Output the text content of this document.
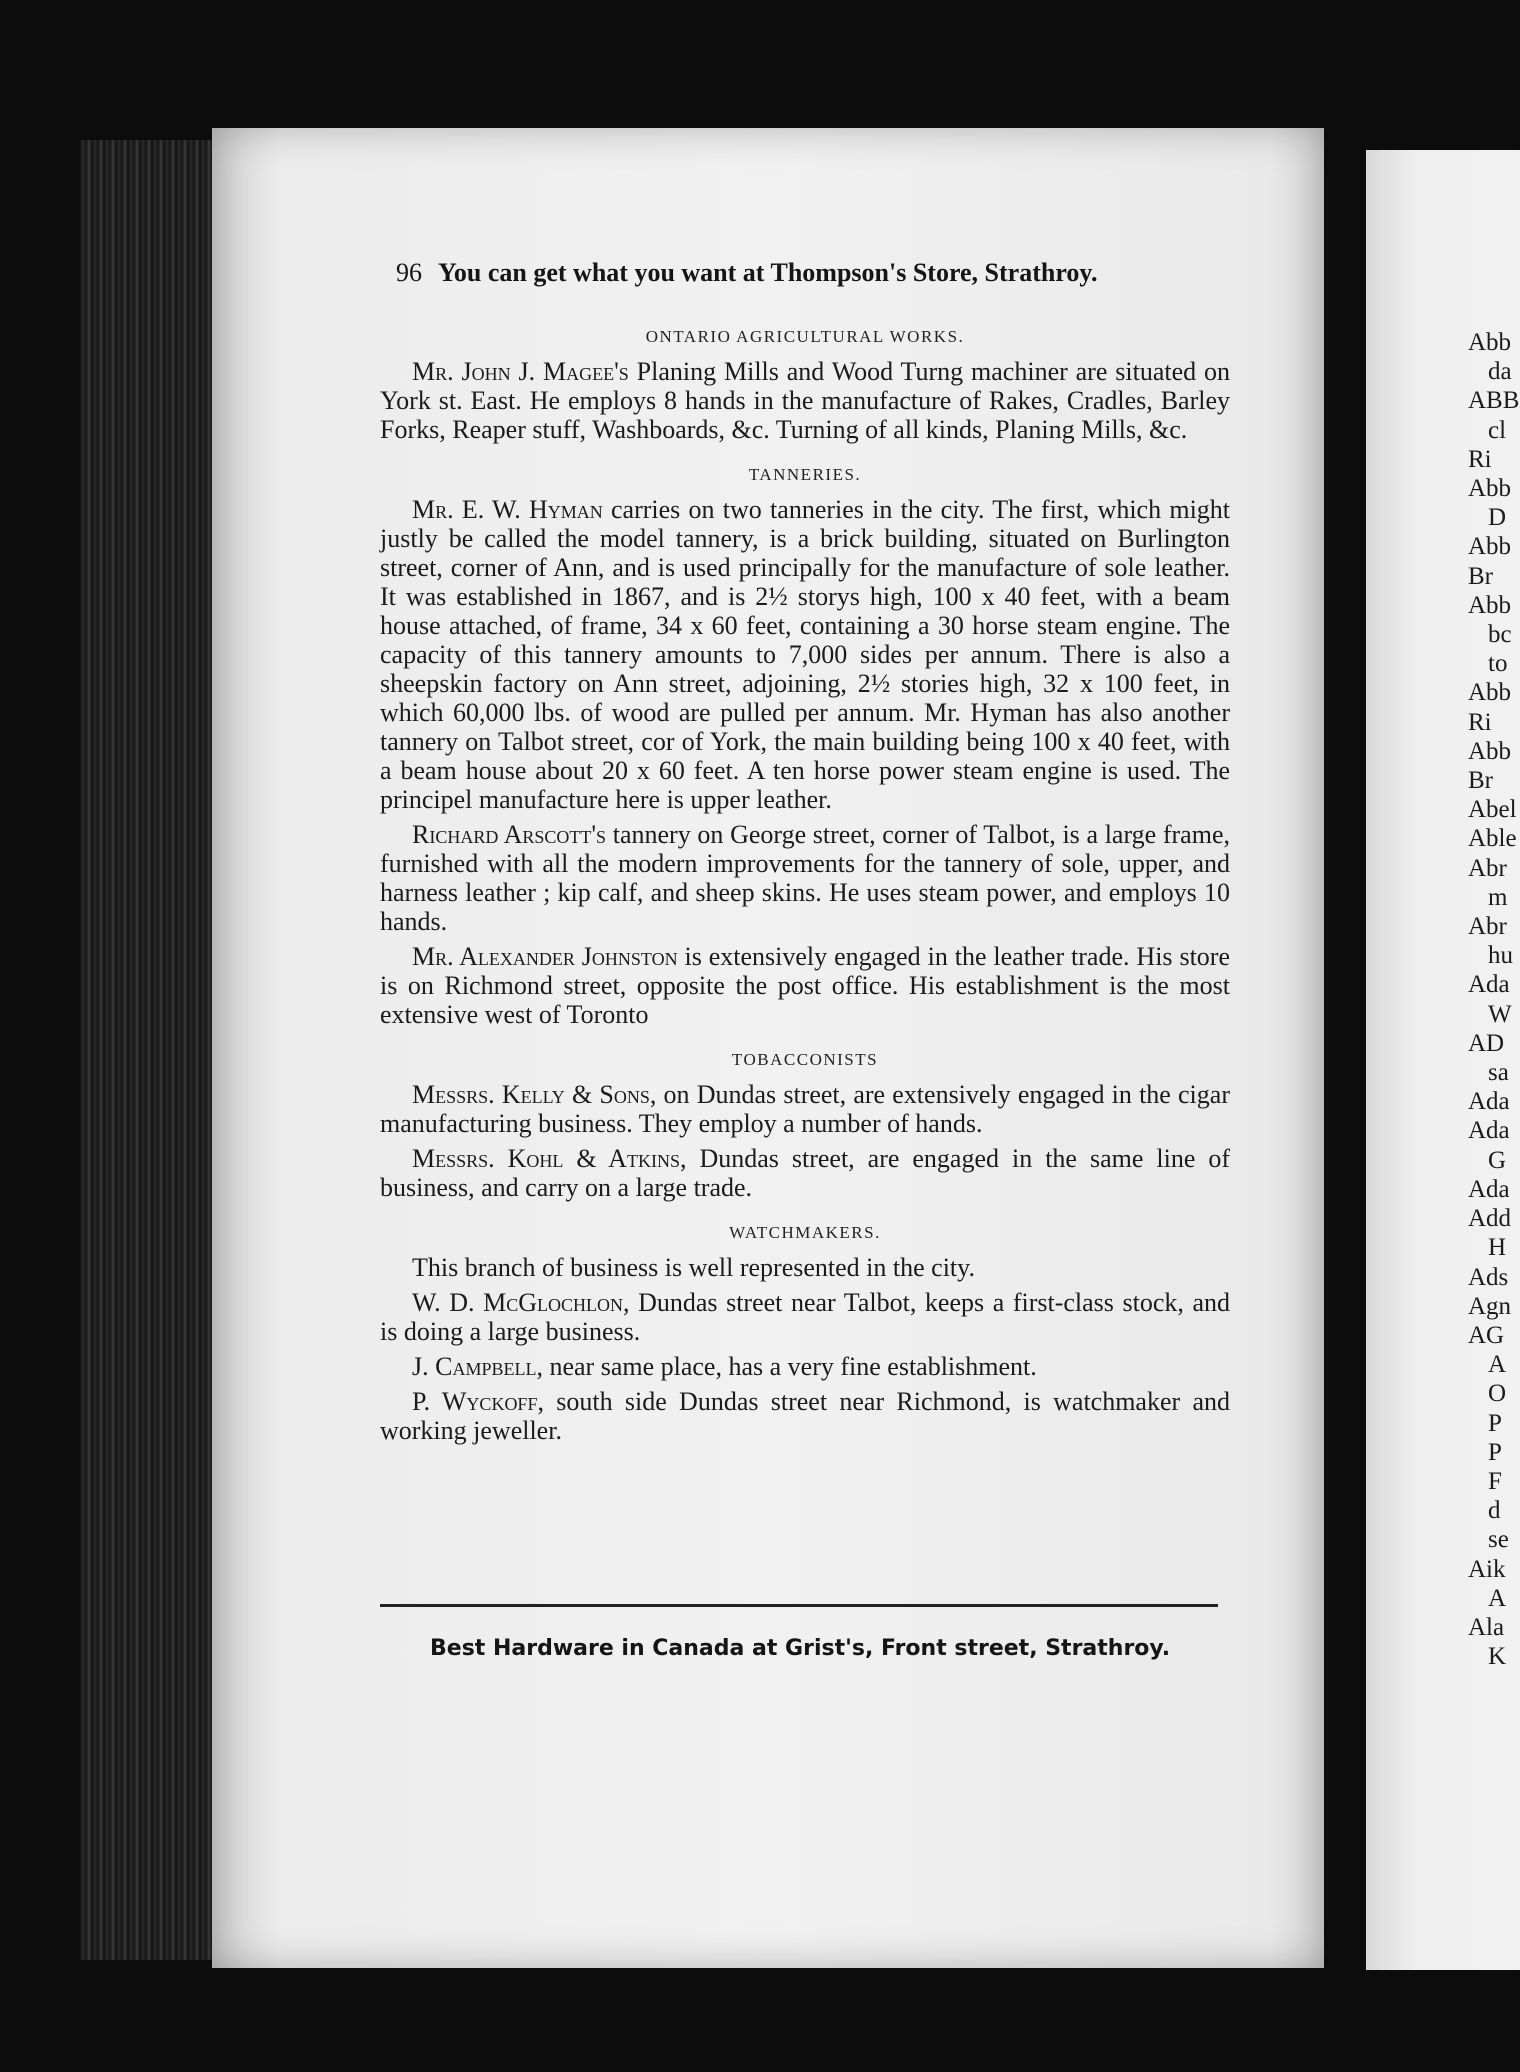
96 You can get what you want at Thompson's Store, Strathroy.
ONTARIO AGRICULTURAL WORKS.

Mr. John J. Magee's Planing Mills and Wood Turng machiner are situated on York st. East. He employs 8 hands in the manufacture of Rakes, Cradles, Barley Forks, Reaper stuff, Washboards, &c. Turning of all kinds, Planing Mills, &c.

TANNERIES.

Mr. E. W. Hyman carries on two tanneries in the city. The first, which might justly be called the model tannery, is a brick building, situated on Burlington street, corner of Ann, and is used principally for the manufacture of sole leather. It was established in 1867, and is 2½ storys high, 100 x 40 feet, with a beam house attached, of frame, 34 x 60 feet, containing a 30 horse steam engine. The capacity of this tannery amounts to 7,000 sides per annum. There is also a sheepskin factory on Ann street, adjoining, 2½ stories high, 32 x 100 feet, in which 60,000 lbs. of wood are pulled per annum. Mr. Hyman has also another tannery on Talbot street, cor of York, the main building being 100 x 40 feet, with a beam house about 20 x 60 feet. A ten horse power steam engine is used. The principel manufacture here is upper leather.

Richard Arscott's tannery on George street, corner of Talbot, is a large frame, furnished with all the modern improvements for the tannery of sole, upper, and harness leather ; kip calf, and sheep skins. He uses steam power, and employs 10 hands.

Mr. Alexander Johnston is extensively engaged in the leather trade. His store is on Richmond street, opposite the post office. His establishment is the most extensive west of Toronto

TOBACCONISTS

Messrs. Kelly & Sons, on Dundas street, are extensively engaged in the cigar manufacturing business. They employ a number of hands.

Messrs. Kohl & Atkins, Dundas street, are engaged in the same line of business, and carry on a large trade.

WATCHMAKERS.

This branch of business is well represented in the city.

W. D. McGlochlon, Dundas street near Talbot, keeps a first-class stock, and is doing a large business.

J. Campbell, near same place, has a very fine establishment.

P. Wyckoff, south side Dundas street near Richmond, is watchmaker and working jeweller.

Best Hardware in Canada at Grist's, Front street, Strathroy.
Abb
da
ABB
cl
Ri
Abb
D
Abb
Br
Abb
bc
to
Abb
Ri
Abb
Br
Abel
Able
Abr
m
Abr
hu
Ada
W
AD
sa
Ada
Ada
G
Ada
Add
H
Ads
Agn
AG
A
O
P
P
F
d
se
Aik
A
Ala
K
